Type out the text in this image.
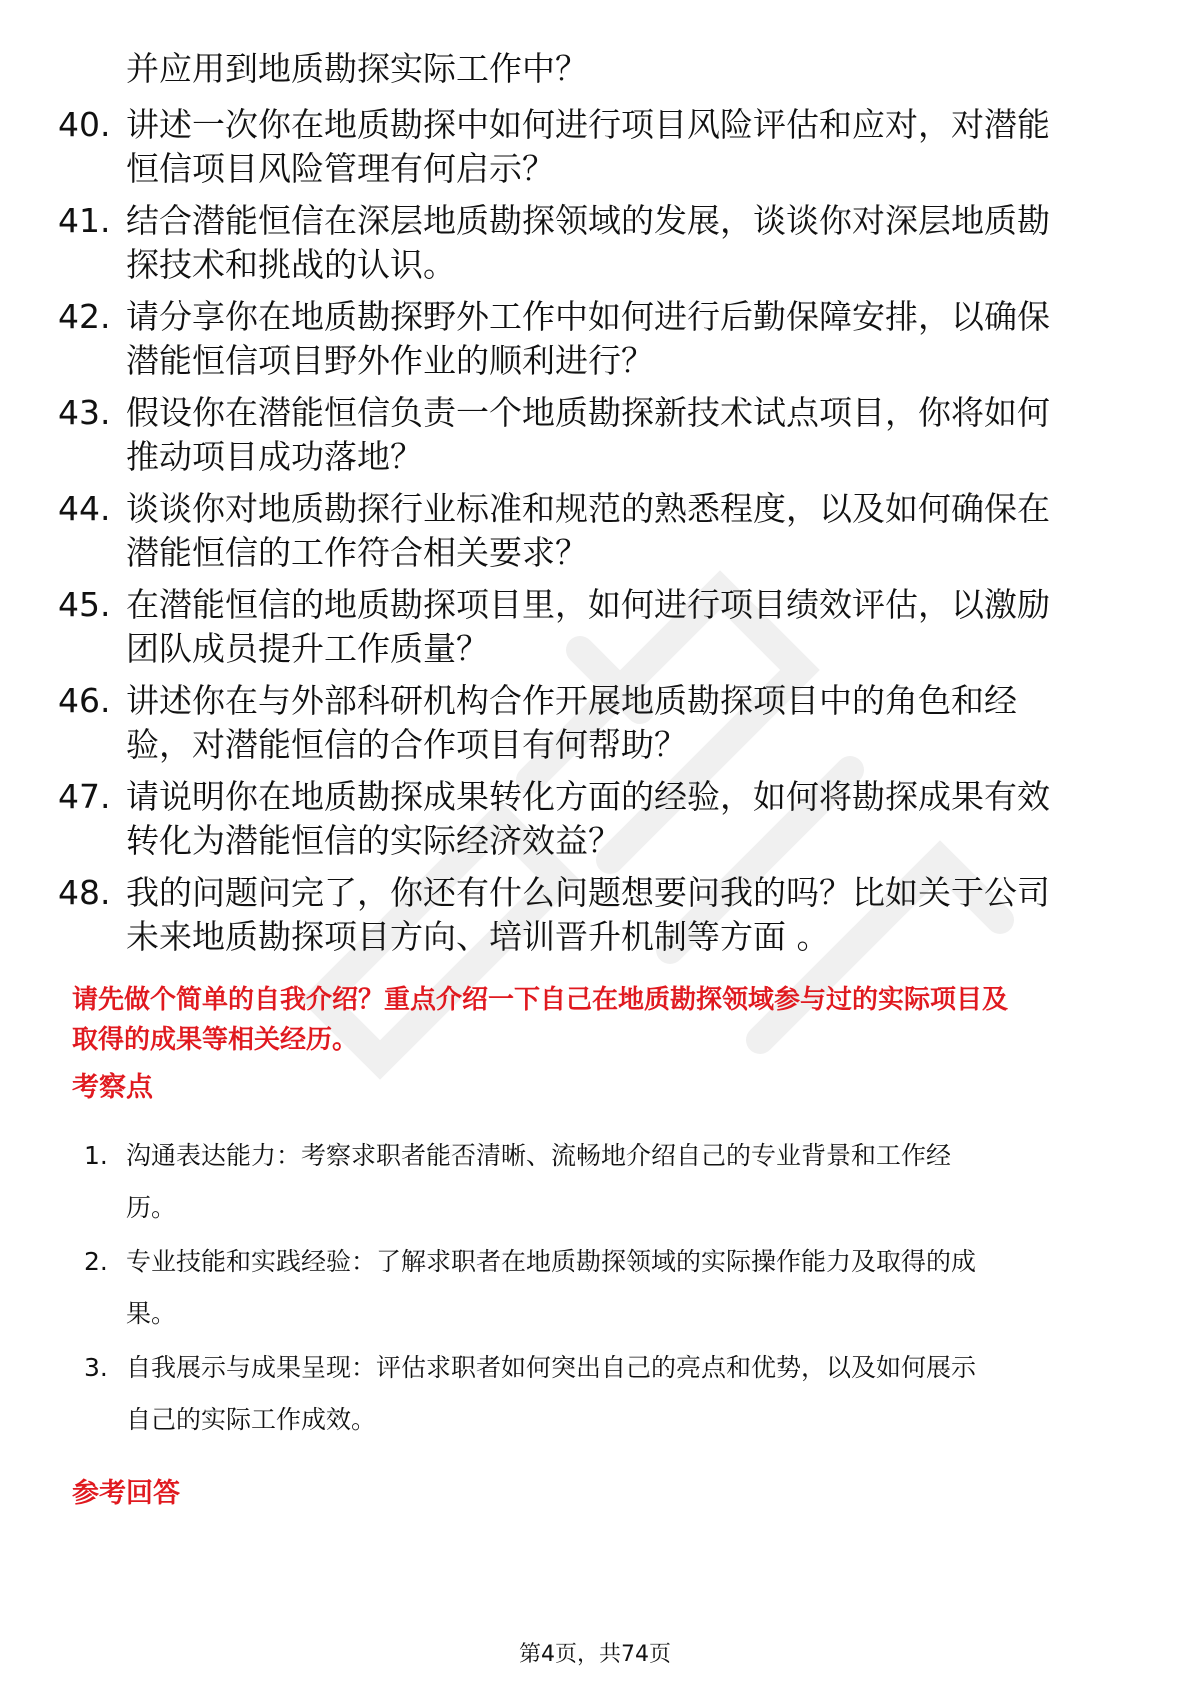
并应用到地质勘探实际工作中？
40. 讲述一次你在地质勘探中如何进行项目风险评估和应对，对潜能
恒信项目风险管理有何启示？
41. 结合潜能恒信在深层地质勘探领域的发展，谈谈你对深层地质勘
探技术和挑战的认识。
42. 请分享你在地质勘探野外工作中如何进行后勤保障安排，以确保
潜能恒信项目野外作业的顺利进行？
43. 假设你在潜能恒信负责一个地质勘探新技术试点项目，你将如何
推动项目成功落地？
44. 谈谈你对地质勘探行业标准和规范的熟悉程度，以及如何确保在
潜能恒信的工作符合相关要求？
45. 在潜能恒信的地质勘探项目里，如何进行项目绩效评估，以激励
团队成员提升工作质量？
46. 讲述你在与外部科研机构合作开展地质勘探项目中的角色和经
验，对潜能恒信的合作项目有何帮助？
47. 请说明你在地质勘探成果转化方面的经验，如何将勘探成果有效
转化为潜能恒信的实际经济效益？
48. 我的问题问完了，你还有什么问题想要问我的吗？比如关于公司
未来地质勘探项目方向、培训晋升机制等方面 。
请先做个简单的自我介绍？重点介绍一下自己在地质勘探领域参与过的实际项目及
取得的成果等相关经历。
考察点
1. 沟通表达能力：考察求职者能否清晰、流畅地介绍自己的专业背景和工作经
历。
2. 专业技能和实践经验：了解求职者在地质勘探领域的实际操作能力及取得的成
果。
3. 自我展示与成果呈现：评估求职者如何突出自己的亮点和优势，以及如何展示
自己的实际工作成效。
参考回答
第4页，共74页
